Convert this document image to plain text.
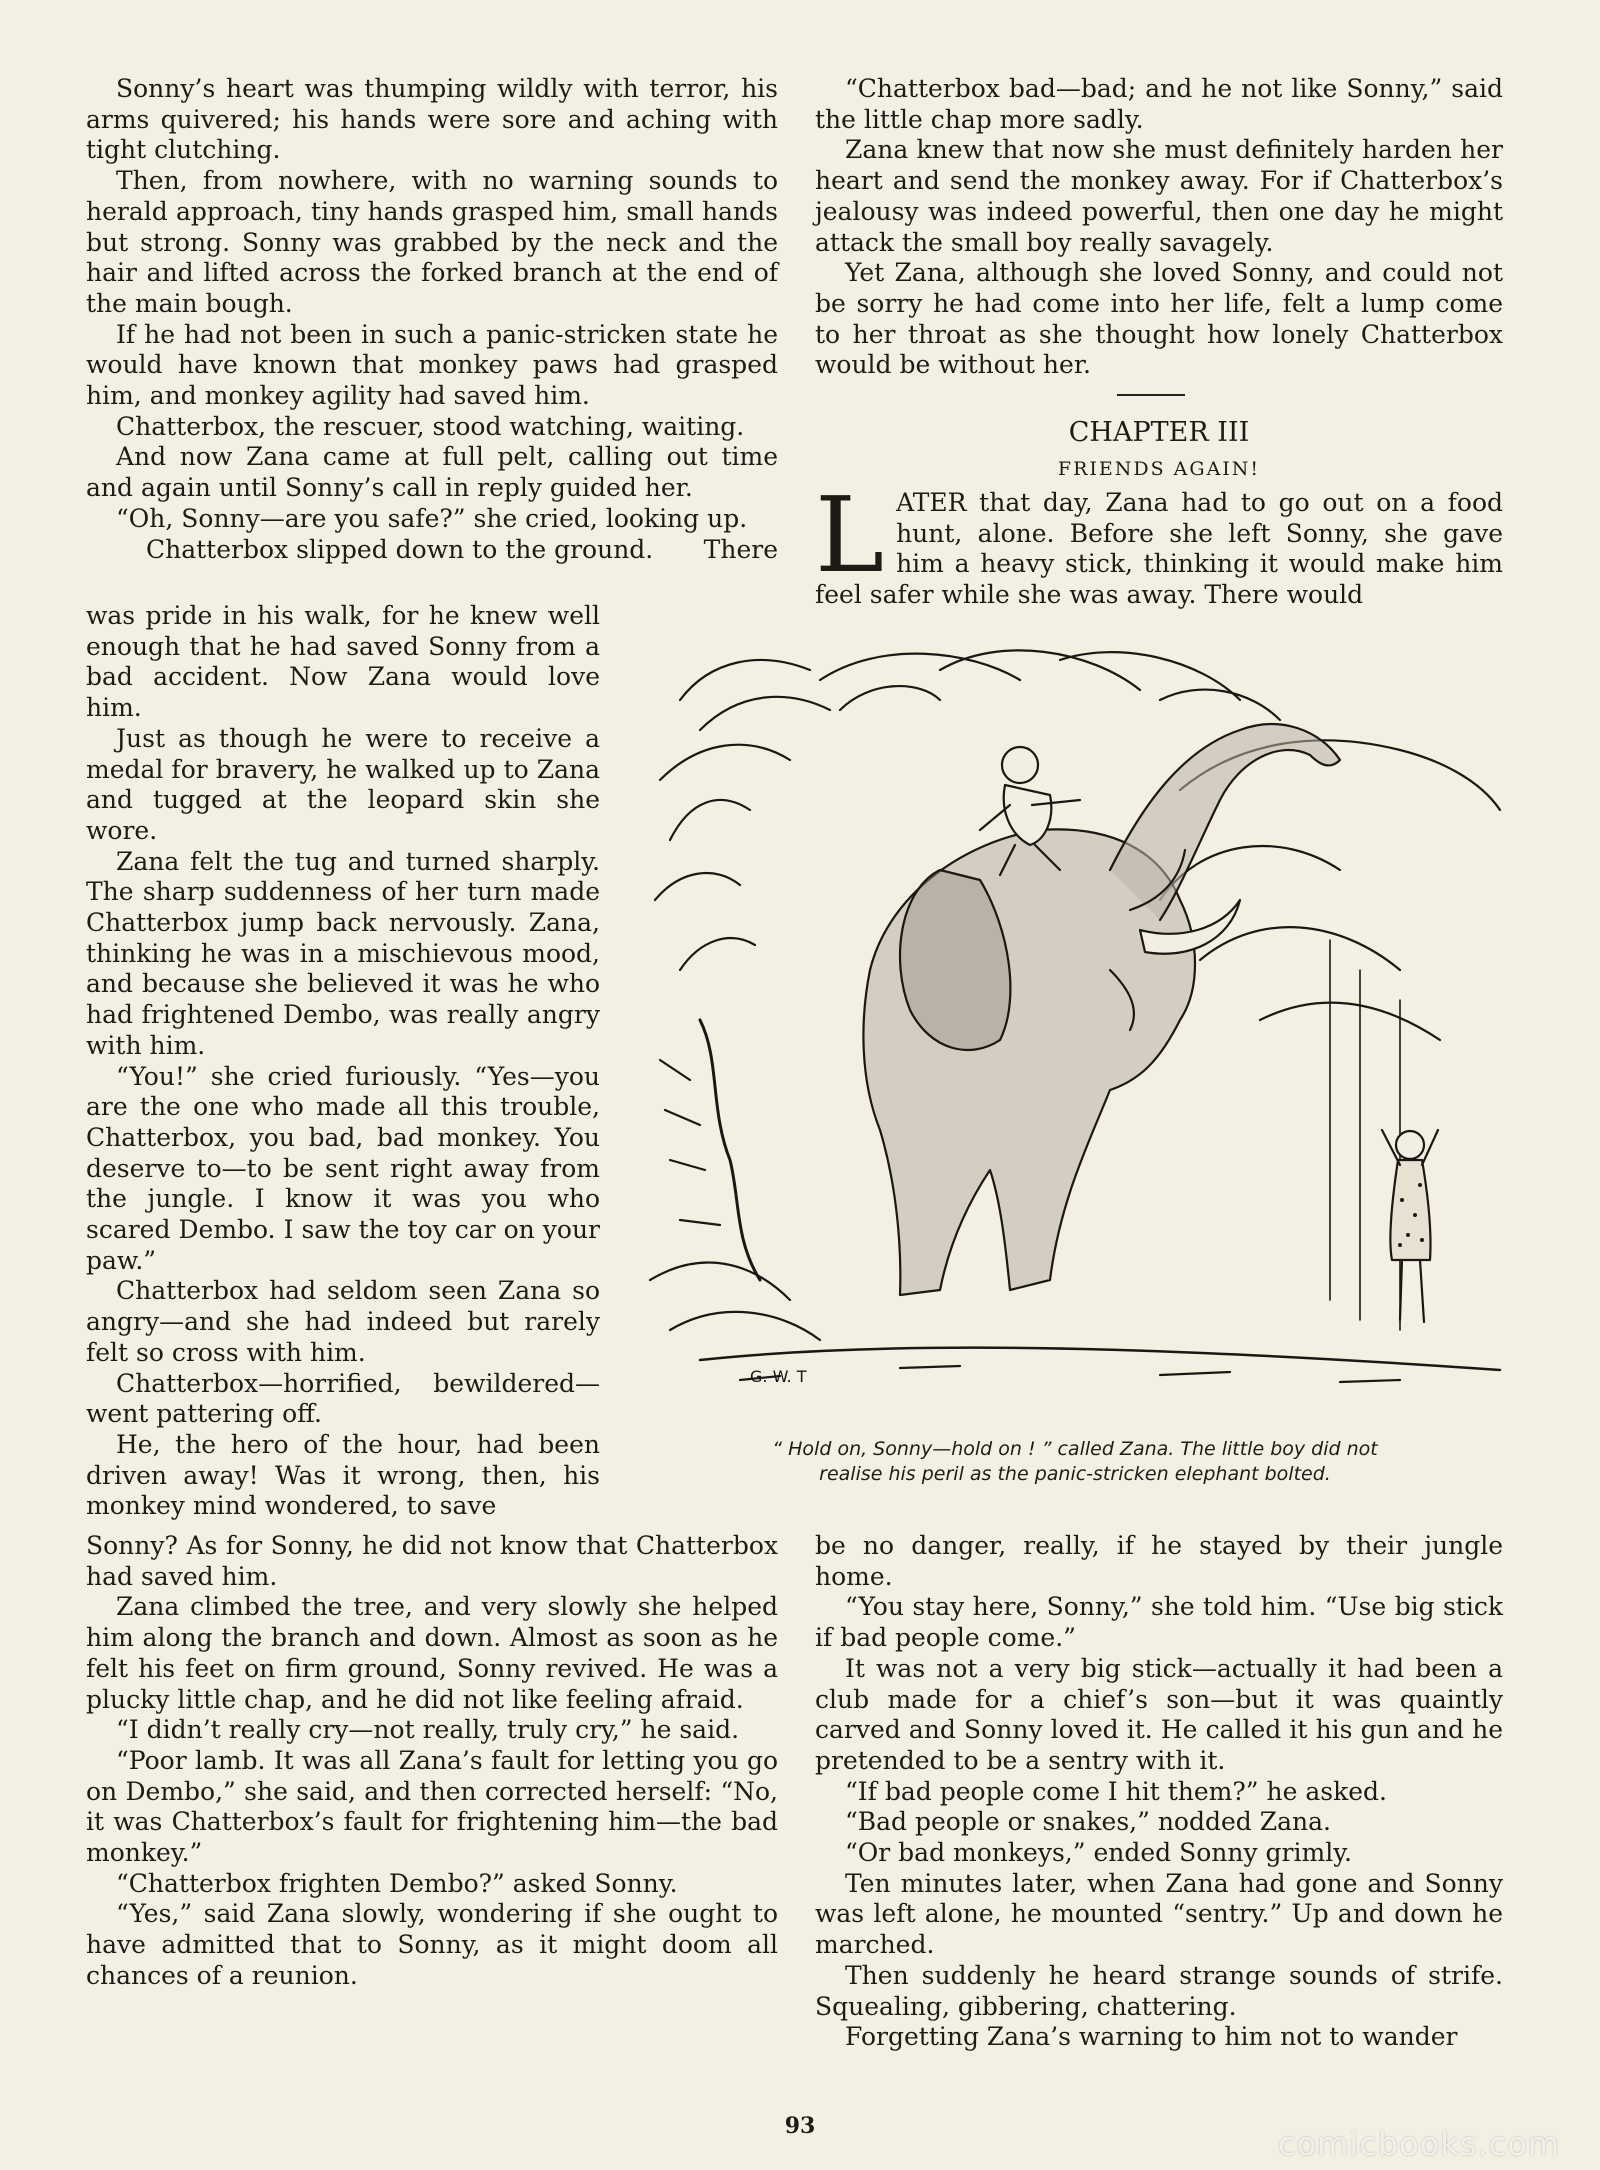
Sonny’s heart was thumping wildly with terror, his arms quivered; his hands were sore and aching with tight clutching.

Then, from nowhere, with no warning sounds to herald approach, tiny hands grasped him, small hands but strong. Sonny was grabbed by the neck and the hair and lifted across the forked branch at the end of the main bough.

If he had not been in such a panic-stricken state he would have known that monkey paws had grasped him, and monkey agility had saved him.

Chatterbox, the rescuer, stood watching, waiting.

And now Zana came at full pelt, calling out time and again until Sonny’s call in reply guided her.

“Oh, Sonny—are you safe?” she cried, looking up.

Chatterbox slipped down to the ground.	There

was pride in his walk, for he knew well enough that he had saved Sonny from a bad accident. Now Zana would love him.

Just as though he were to receive a medal for bravery, he walked up to Zana and tugged at the leopard skin she wore.

Zana felt the tug and turned sharply. The sharp suddenness of her turn made Chatterbox jump back nervously. Zana, thinking he was in a mischievous mood, and because she believed it was he who had frightened Dembo, was really angry with him.

“You!” she cried furiously. “Yes—you are the one who made all this trouble, Chatterbox, you bad, bad monkey. You deserve to—to be sent right away from the jungle. I know it was you who scared Dembo. I saw the toy car on your paw.”

Chatterbox had seldom seen Zana so angry—and she had indeed but rarely felt so cross with him.

Chatterbox—horrified, bewildered—went pattering off.

He, the hero of the hour, had been driven away! Was it wrong, then, his monkey mind wondered, to save

Sonny? As for Sonny, he did not know that Chatterbox had saved him.

Zana climbed the tree, and very slowly she helped him along the branch and down. Almost as soon as he felt his feet on firm ground, Sonny revived. He was a plucky little chap, and he did not like feeling afraid.

“I didn’t really cry—not really, truly cry,” he said.

“Poor lamb. It was all Zana’s fault for letting you go on Dembo,” she said, and then corrected herself: “No, it was Chatterbox’s fault for frightening him—the bad monkey.”

“Chatterbox frighten Dembo?” asked Sonny.

“Yes,” said Zana slowly, wondering if she ought to have admitted that to Sonny, as it might doom all chances of a reunion.

“Chatterbox bad—bad; and he not like Sonny,” said the little chap more sadly.

Zana knew that now she must definitely harden her heart and send the monkey away. For if Chatterbox’s jealousy was indeed powerful, then one day he might attack the small boy really savagely.

Yet Zana, although she loved Sonny, and could not be sorry he had come into her life, felt a lump come to her throat as she thought how lonely Chatterbox would be without her.

CHAPTER III
FRIENDS AGAIN!
L ATER that day, Zana had to go out on a food hunt, alone. Before she left Sonny, she gave him a heavy stick, thinking it would make him feel safer while she was away. There would

G. W. T
“ Hold on, Sonny—hold on ! ” called Zana. The little boy did not
realise his peril as the panic-stricken elephant bolted.

be no danger, really, if he stayed by their jungle home.

“You stay here, Sonny,” she told him. “Use big stick if bad people come.”

It was not a very big stick—actually it had been a club made for a chief’s son—but it was quaintly carved and Sonny loved it. He called it his gun and he pretended to be a sentry with it.

“If bad people come I hit them?” he asked.

“Bad people or snakes,” nodded Zana.

“Or bad monkeys,” ended Sonny grimly.

Ten minutes later, when Zana had gone and Sonny was left alone, he mounted “sentry.” Up and down he marched.

Then suddenly he heard strange sounds of strife. Squealing, gibbering, chattering.

Forgetting Zana’s warning to him not to wander

93	comicbooks.com
